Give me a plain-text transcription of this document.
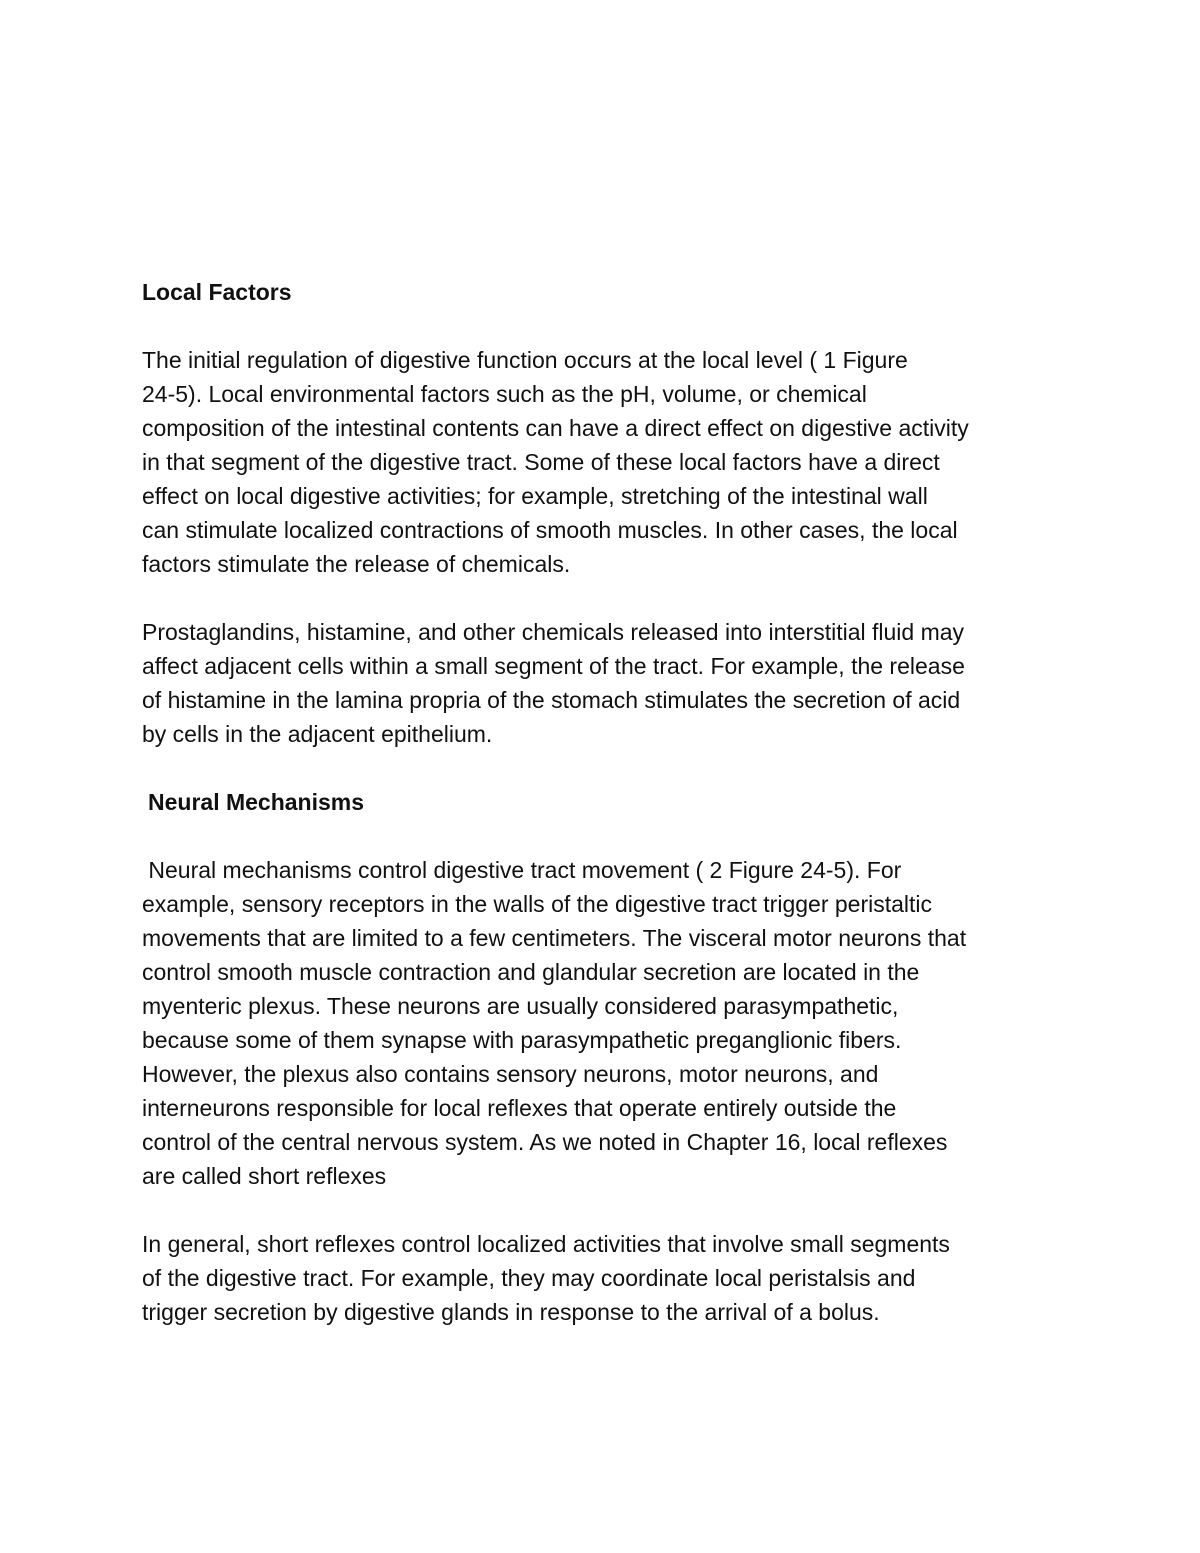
Local Factors
The initial regulation of digestive function occurs at the local level ( 1 Figure
24-5). Local environmental factors such as the pH, volume, or chemical
composition of the intestinal contents can have a direct effect on digestive activity
in that segment of the digestive tract. Some of these local factors have a direct
effect on local digestive activities; for example, stretching of the intestinal wall
can stimulate localized contractions of smooth muscles. In other cases, the local
factors stimulate the release of chemicals.
Prostaglandins, histamine, and other chemicals released into interstitial fluid may
affect adjacent cells within a small segment of the tract. For example, the release
of histamine in the lamina propria of the stomach stimulates the secretion of acid
by cells in the adjacent epithelium.
Neural Mechanisms
Neural mechanisms control digestive tract movement ( 2 Figure 24-5). For
example, sensory receptors in the walls of the digestive tract trigger peristaltic
movements that are limited to a few centimeters. The visceral motor neurons that
control smooth muscle contraction and glandular secretion are located in the
myenteric plexus. These neurons are usually considered parasympathetic,
because some of them synapse with parasympathetic preganglionic fibers.
However, the plexus also contains sensory neurons, motor neurons, and
interneurons responsible for local reflexes that operate entirely outside the
control of the central nervous system. As we noted in Chapter 16, local reflexes
are called short reflexes
In general, short reflexes control localized activities that involve small segments
of the digestive tract. For example, they may coordinate local peristalsis and
trigger secretion by digestive glands in response to the arrival of a bolus.
